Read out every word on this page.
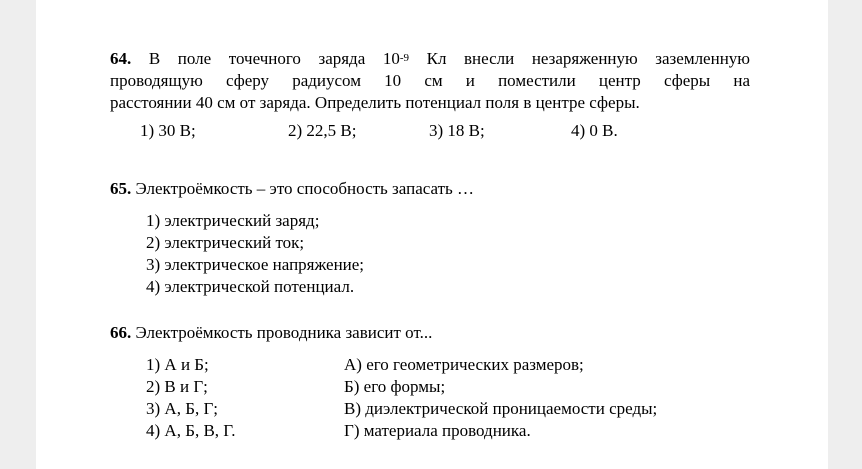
64. В поле точечного заряда $10^{-9}$ Кл внесли незаряженную заземленную
проводящую сферу радиусом 10 см и поместили центр сферы на
расстоянии 40 см от заряда. Определить потенциал поля в центре сферы.
1) 30 В;	2) 22,5 В;	3) 18 В;	4) 0 В.
65. Электроёмкость – это способность запасать …
1) электрический заряд;
2) электрический ток;
3) электрическое напряжение;
4) электрической потенциал.
66. Электроёмкость проводника зависит от...
1) А и Б;	А) его геометрических размеров;
2) В и Г;	Б) его формы;
3) А, Б, Г;	В) диэлектрической проницаемости среды;
4) А, Б, В, Г.	Г) материала проводника.
